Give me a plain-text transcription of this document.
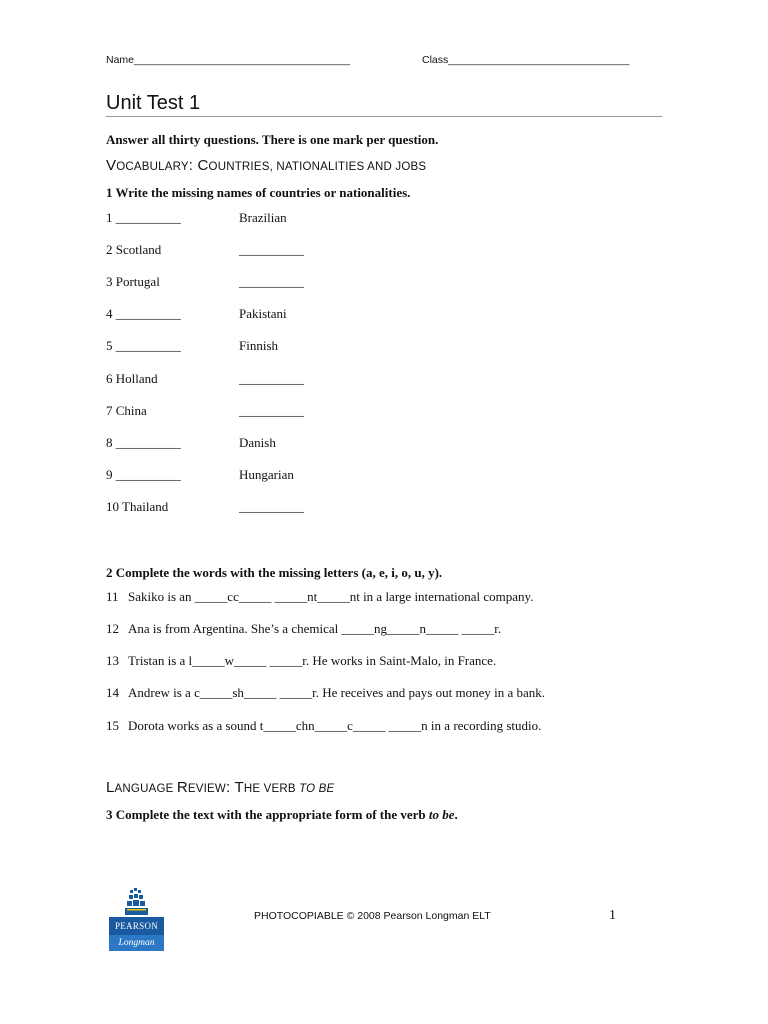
Name_____________________________________	Class_______________________________
Unit Test 1
Answer all thirty questions. There is one mark per question.
VOCABULARY: COUNTRIES, NATIONALITIES AND JOBS
1 Write the missing names of countries or nationalities.
1 __________	Brazilian
2 Scotland	__________
3 Portugal	__________
4 __________	Pakistani
5 __________	Finnish
6 Holland	__________
7 China	__________
8 __________	Danish
9 __________	Hungarian
10 Thailand	__________
2 Complete the words with the missing letters (a, e, i, o, u, y).
11 Sakiko is an _____cc_____ _____nt_____nt in a large international company.
12 Ana is from Argentina. She’s a chemical _____ng_____n_____ _____r.
13 Tristan is a l_____w_____ _____r. He works in Saint-Malo, in France.
14 Andrew is a c_____sh_____ _____r. He receives and pays out money in a bank.
15 Dorota works as a sound t_____chn_____c_____ _____n in a recording studio.
LANGUAGE REVIEW: THE VERB TO BE
3 Complete the text with the appropriate form of the verb to be.
PEARSON
Longman
PHOTOCOPIABLE © 2008 Pearson Longman ELT	1
